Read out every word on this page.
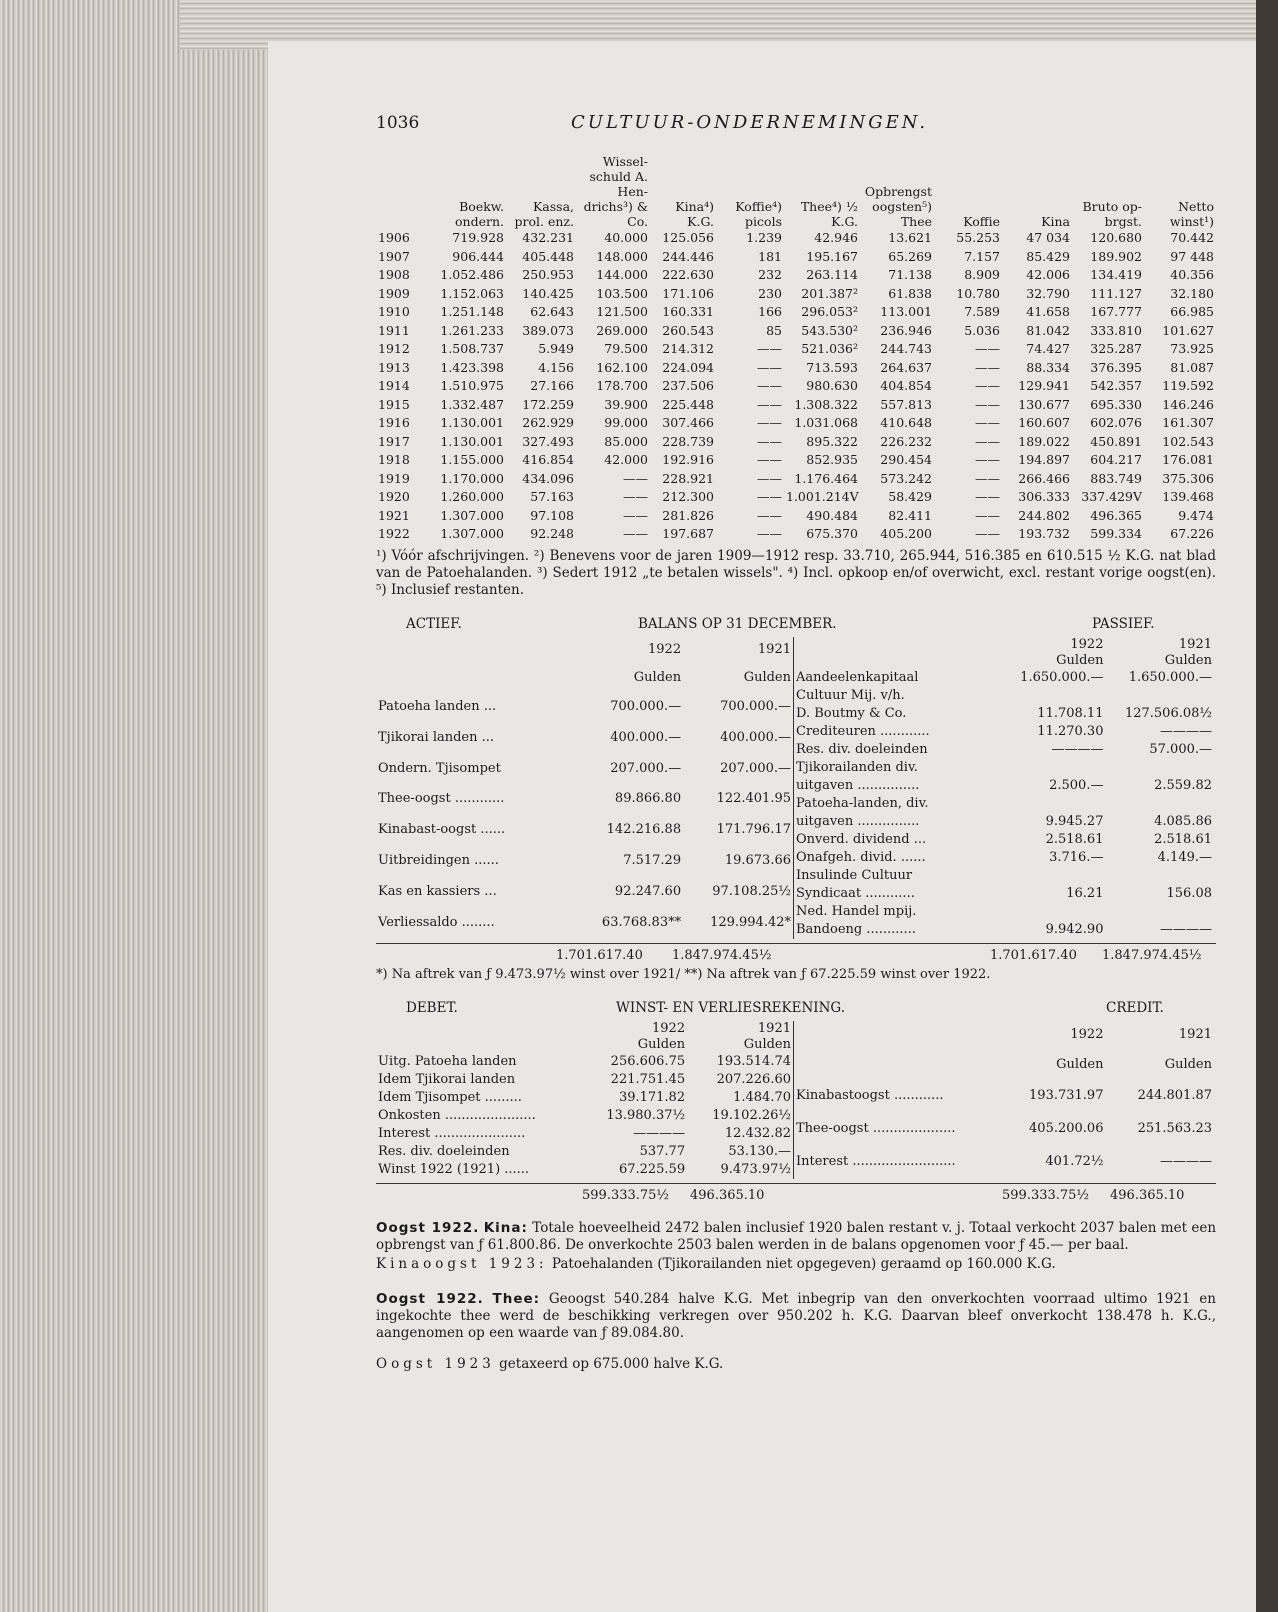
1036	CULTUUR-ONDERNEMINGEN.
	Boekw. ondern.	Kassa, prol. enz.	Wissel-schuld A. Hen-drichs³) & Co.	Kina⁴) K.G.	Koffie⁴) picols	Thee⁴) ½ K.G.	Opbrengst oogsten⁵) Thee	Koffie	Kina	Bruto op-brgst.	Netto winst¹)
1906	719.928	432.231	40.000	125.056	1.239	42.946	13.621	55.253	47 034	120.680	70.442
1907	906.444	405.448	148.000	244.446	181	195.167	65.269	7.157	85.429	189.902	97 448
1908	1.052.486	250.953	144.000	222.630	232	263.114	71.138	8.909	42.006	134.419	40.356
1909	1.152.063	140.425	103.500	171.106	230	201.387²	61.838	10.780	32.790	111.127	32.180
1910	1.251.148	62.643	121.500	160.331	166	296.053²	113.001	7.589	41.658	167.777	66.985
1911	1.261.233	389.073	269.000	260.543	85	543.530²	236.946	5.036	81.042	333.810	101.627
1912	1.508.737	5.949	79.500	214.312	——	521.036²	244.743	——	74.427	325.287	73.925
1913	1.423.398	4.156	162.100	224.094	——	713.593	264.637	——	88.334	376.395	81.087
1914	1.510.975	27.166	178.700	237.506	——	980.630	404.854	——	129.941	542.357	119.592
1915	1.332.487	172.259	39.900	225.448	——	1.308.322	557.813	——	130.677	695.330	146.246
1916	1.130.001	262.929	99.000	307.466	——	1.031.068	410.648	——	160.607	602.076	161.307
1917	1.130.001	327.493	85.000	228.739	——	895.322	226.232	——	189.022	450.891	102.543
1918	1.155.000	416.854	42.000	192.916	——	852.935	290.454	——	194.897	604.217	176.081
1919	1.170.000	434.096	——	228.921	——	1.176.464	573.242	——	266.466	883.749	375.306
1920	1.260.000	57.163	——	212.300	——	1.001.214V	58.429	——	306.333	337.429V	139.468
1921	1.307.000	97.108	——	281.826	——	490.484	82.411	——	244.802	496.365	9.474
1922	1.307.000	92.248	——	197.687	——	675.370	405.200	——	193.732	599.334	67.226
¹) Vóór afschrijvingen. ²) Benevens voor de jaren 1909—1912 resp. 33.710, 265.944, 516.385 en 610.515 ½ K.G. nat blad van de Patoehalanden. ³) Sedert 1912 „te betalen wissels". ⁴) Incl. opkoop en/of overwicht, excl. restant vorige oogst(en). ⁵) Inclusief restanten.
ACTIEF.	BALANS OP 31 DECEMBER.	PASSIEF.
	1922	1921
	Gulden	Gulden
Patoeha landen ...	700.000.—	700.000.—
Tjikorai landen ...	400.000.—	400.000.—
Ondern. Tjisompet	207.000.—	207.000.—
Thee-oogst ............	89.866.80	122.401.95
Kinabast-oogst ......	142.216.88	171.796.17
Uitbreidingen ......	7.517.29	19.673.66
Kas en kassiers ...	92.247.60	97.108.25½
Verliessaldo ........	63.768.83**	129.994.42*
	1922	1921
	Gulden	Gulden
Aandeelenkapitaal	1.650.000.—	1.650.000.—
Cultuur Mij. v/h.		
D. Boutmy & Co.	11.708.11	127.506.08½
Crediteuren ............	11.270.30	————
Res. div. doeleinden	————	57.000.—
Tjikorailanden div.		
uitgaven ...............	2.500.—	2.559.82
Patoeha-landen, div.		
uitgaven ...............	9.945.27	4.085.86
Onverd. dividend ...	2.518.61	2.518.61
Onafgeh. divid. ......	3.716.—	4.149.—
Insulinde Cultuur		
Syndicaat ............	16.21	156.08
Ned. Handel mpij.		
Bandoeng ............	9.942.90	————
1.701.617.40 1.847.974.45½	1.701.617.40 1.847.974.45½
*) Na aftrek van ƒ 9.473.97½ winst over 1921/ **) Na aftrek van ƒ 67.225.59 winst over 1922.
DEBET.	WINST- EN VERLIESREKENING.	CREDIT.
	1922	1921
	Gulden	Gulden
Uitg. Patoeha landen	256.606.75	193.514.74
Idem Tjikorai landen	221.751.45	207.226.60
Idem Tjisompet .........	39.171.82	1.484.70
Onkosten ......................	13.980.37½	19.102.26½
Interest ......................	————	12.432.82
Res. div. doeleinden	537.77	53.130.—
Winst 1922 (1921) ......	67.225.59	9.473.97½
	1922	1921
	Gulden	Gulden
Kinabastoogst ............	193.731.97	244.801.87
Thee-oogst ....................	405.200.06	251.563.23
Interest .........................	401.72½	————
599.333.75½ 496.365.10	599.333.75½ 496.365.10
Oogst 1922. Kina: Totale hoeveelheid 2472 balen inclusief 1920 balen restant v. j. Totaal verkocht 2037 balen met een opbrengst van ƒ 61.800.86. De onverkochte 2503 balen werden in de balans opgenomen voor ƒ 45.— per baal.
Kinaoogst 1923: Patoehalanden (Tjikorailanden niet opgegeven) geraamd op 160.000 K.G.
Oogst 1922. Thee: Geoogst 540.284 halve K.G. Met inbegrip van den onverkochten voorraad ultimo 1921 en ingekochte thee werd de beschikking verkregen over 950.202 h. K.G. Daarvan bleef onverkocht 138.478 h. K.G., aangenomen op een waarde van ƒ 89.084.80.
Oogst 1923 getaxeerd op 675.000 halve K.G.
